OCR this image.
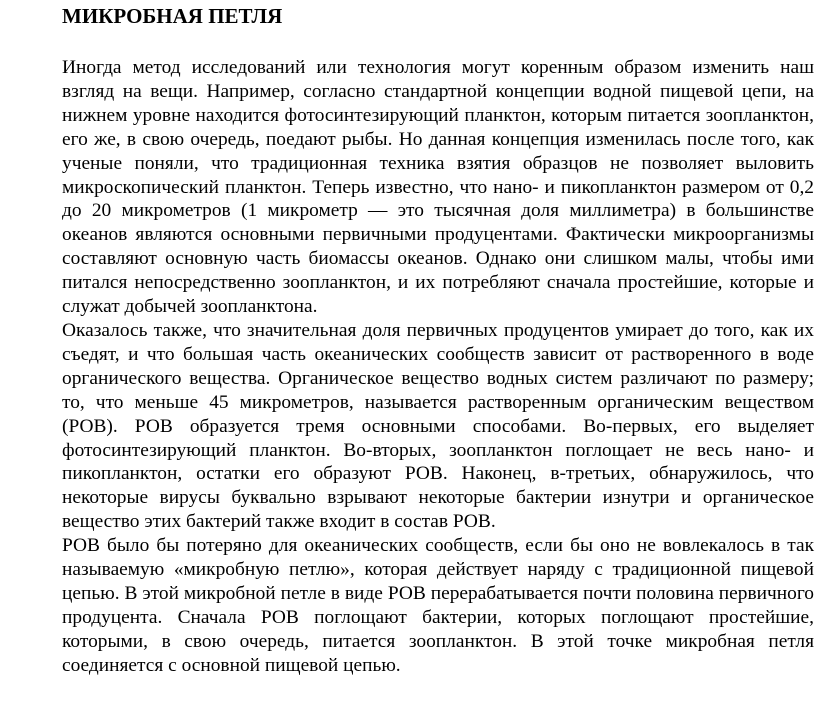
МИКРОБНАЯ ПЕТЛЯ

Иногда метод исследований или технология могут коренным образом изменить наш взгляд на вещи. Например, согласно стандартной концепции водной пищевой цепи, на нижнем уровне находится фотосинтезирующий планктон, которым питается зоопланктон, его же, в свою очередь, поедают рыбы. Но данная концепция изменилась после того, как ученые поняли, что традиционная техника взятия образцов не позволяет выловить микроскопический планктон. Теперь известно, что нано- и пикопланктон размером от 0,2 до 20 микрометров (1 микрометр — это тысячная доля миллиметра) в большинстве океанов являются основными первичными продуцентами. Фактически микроорганизмы составляют основную часть биомассы океанов. Однако они слишком малы, чтобы ими питался непосредственно зоопланктон, и их потребляют сначала простейшие, которые и служат добычей зоопланктона.

Оказалось также, что значительная доля первичных продуцентов умирает до того, как их съедят, и что большая часть океанических сообществ зависит от растворенного в воде органического вещества. Органическое вещество водных систем различают по размеру; то, что меньше 45 микрометров, называется растворенным органическим веществом (РОВ). РОВ образуется тремя основными способами. Во-первых, его выделяет фотосинтезирующий планктон. Во-вторых, зоопланктон поглощает не весь нано- и пикопланктон, остатки его образуют РОВ. Наконец, в-третьих, обнаружилось, что некоторые вирусы буквально взрывают некоторые бактерии изнутри и органическое вещество этих бактерий также входит в состав РОВ.

РОВ было бы потеряно для океанических сообществ, если бы оно не вовлекалось в так называемую «микробную петлю», которая действует наряду с традиционной пищевой цепью. В этой микробной петле в виде РОВ перерабатывается почти половина первичного продуцента. Сначала РОВ поглощают бактерии, которых поглощают простейшие, которыми, в свою очередь, питается зоопланктон. В этой точке микробная петля соединяется с основной пищевой цепью.
